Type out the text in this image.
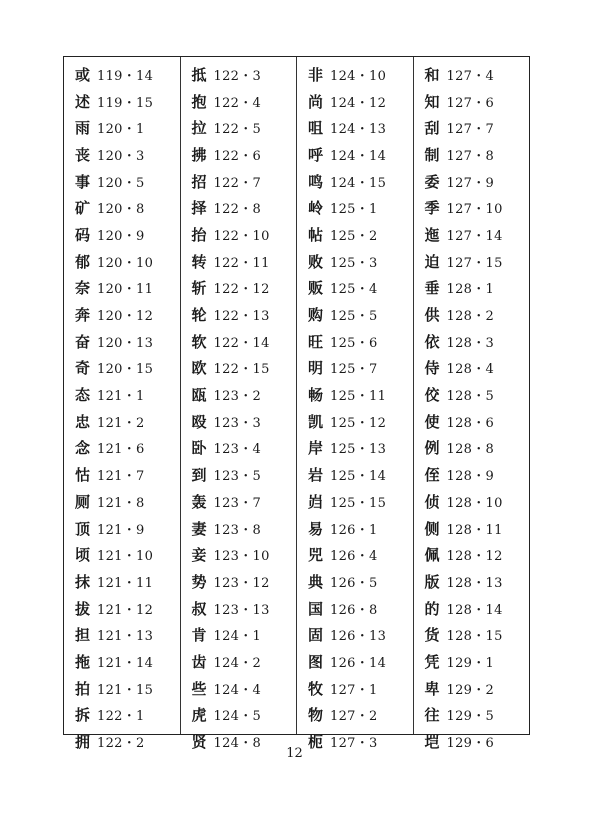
或 119・14
述 119・15
雨 120・1
丧 120・3
事 120・5
矿 120・8
码 120・9
郁 120・10
奈 120・11
奔 120・12
奋 120・13
奇 120・15
态 121・1
忠 121・2
念 121・6
怙 121・7
厕 121・8
顶 121・9
顷 121・10
抹 121・11
拔 121・12
担 121・13
拖 121・14
拍 121・15
拆 122・1
拥 122・2
抵 122・3
抱 122・4
拉 122・5
拂 122・6
招 122・7
择 122・8
抬 122・10
转 122・11
斩 122・12
轮 122・13
软 122・14
欧 122・15
瓯 123・2
殴 123・3
卧 123・4
到 123・5
轰 123・7
妻 123・8
妾 123・10
势 123・12
叔 123・13
肯 124・1
齿 124・2
些 124・4
虎 124・5
贤 124・8
非 124・10
尚 124・12
咀 124・13
呼 124・14
鸣 124・15
岭 125・1
帖 125・2
败 125・3
贩 125・4
购 125・5
旺 125・6
明 125・7
畅 125・11
凯 125・12
岸 125・13
岩 125・14
岿 125・15
易 126・1
兕 126・4
典 126・5
国 126・8
固 126・13
图 126・14
牧 127・1
物 127・2
枙 127・3
和 127・4
知 127・6
刮 127・7
制 127・8
委 127・9
季 127・10
迤 127・14
迫 127・15
垂 128・1
供 128・2
依 128・3
侍 128・4
佼 128・5
使 128・6
例 128・8
侄 128・9
侦 128・10
侧 128・11
佩 128・12
版 128・13
的 128・14
货 128・15
凭 129・1
卑 129・2
往 129・5
垲 129・6
12
